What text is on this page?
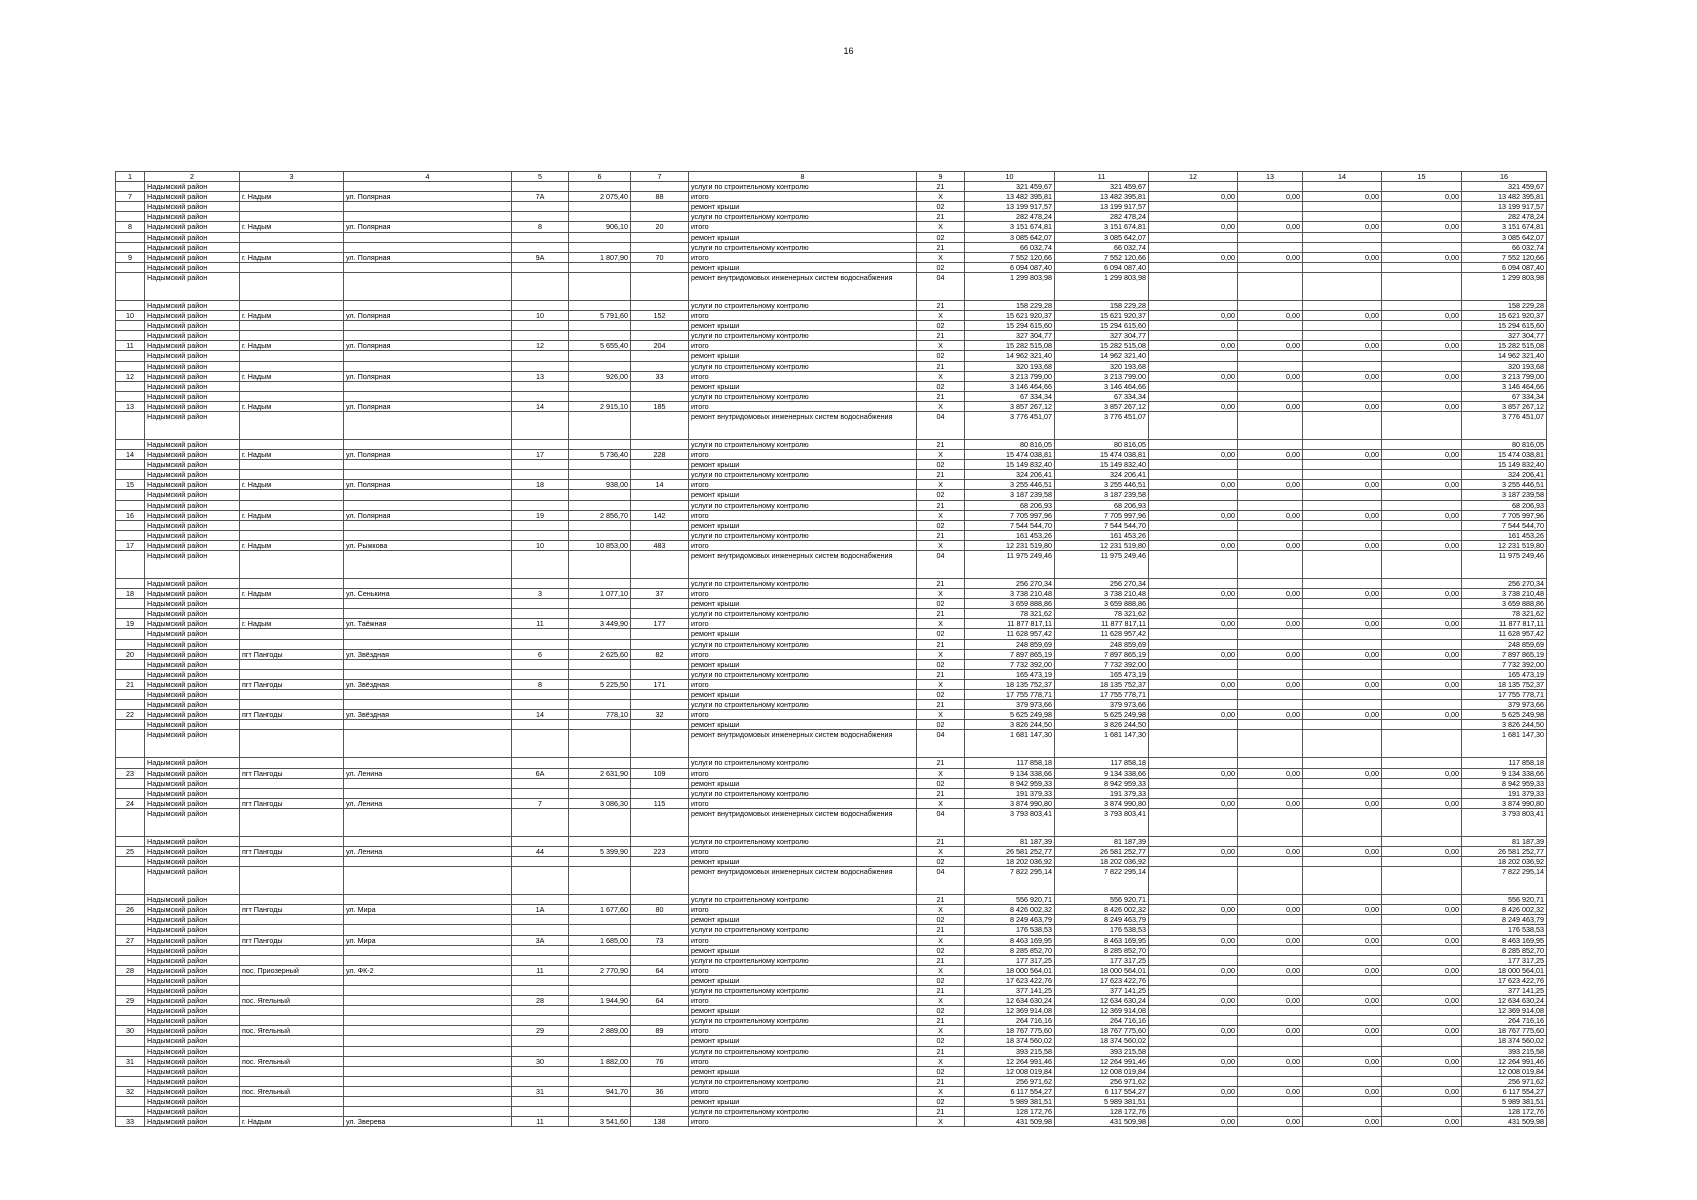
16
1	2	3	4	5	6	7	8	9	10	11	12	13	14	15	16
	Надымский район						услуги по строительному контролю	21	321 459,67	321 459,67					321 459,67
7	Надымский район	г. Надым	ул. Полярная	7А	2 075,40	88	итого	Х	13 482 395,81	13 482 395,81	0,00	0,00	0,00	0,00	13 482 395,81
	Надымский район						ремонт крыши	02	13 199 917,57	13 199 917,57					13 199 917,57
	Надымский район						услуги по строительному контролю	21	282 478,24	282 478,24					282 478,24
8	Надымский район	г. Надым	ул. Полярная	8	906,10	20	итого	Х	3 151 674,81	3 151 674,81	0,00	0,00	0,00	0,00	3 151 674,81
	Надымский район						ремонт крыши	02	3 085 642,07	3 085 642,07					3 085 642,07
	Надымский район						услуги по строительному контролю	21	66 032,74	66 032,74					66 032,74
9	Надымский район	г. Надым	ул. Полярная	9А	1 807,90	70	итого	Х	7 552 120,66	7 552 120,66	0,00	0,00	0,00	0,00	7 552 120,66
	Надымский район						ремонт крыши	02	6 094 087,40	6 094 087,40					6 094 087,40
	Надымский район						ремонт внутридомовых инженерных систем водоснабжения	04	1 299 803,98	1 299 803,98					1 299 803,98
	Надымский район						услуги по строительному контролю	21	158 229,28	158 229,28					158 229,28
10	Надымский район	г. Надым	ул. Полярная	10	5 791,60	152	итого	Х	15 621 920,37	15 621 920,37	0,00	0,00	0,00	0,00	15 621 920,37
	Надымский район						ремонт крыши	02	15 294 615,60	15 294 615,60					15 294 615,60
	Надымский район						услуги по строительному контролю	21	327 304,77	327 304,77					327 304,77
11	Надымский район	г. Надым	ул. Полярная	12	5 655,40	204	итого	Х	15 282 515,08	15 282 515,08	0,00	0,00	0,00	0,00	15 282 515,08
	Надымский район						ремонт крыши	02	14 962 321,40	14 962 321,40					14 962 321,40
	Надымский район						услуги по строительному контролю	21	320 193,68	320 193,68					320 193,68
12	Надымский район	г. Надым	ул. Полярная	13	926,00	33	итого	Х	3 213 799,00	3 213 799,00	0,00	0,00	0,00	0,00	3 213 799,00
	Надымский район						ремонт крыши	02	3 146 464,66	3 146 464,66					3 146 464,66
	Надымский район						услуги по строительному контролю	21	67 334,34	67 334,34					67 334,34
13	Надымский район	г. Надым	ул. Полярная	14	2 915,10	185	итого	Х	3 857 267,12	3 857 267,12	0,00	0,00	0,00	0,00	3 857 267,12
	Надымский район						ремонт внутридомовых инженерных систем водоснабжения	04	3 776 451,07	3 776 451,07					3 776 451,07
	Надымский район						услуги по строительному контролю	21	80 816,05	80 816,05					80 816,05
14	Надымский район	г. Надым	ул. Полярная	17	5 736,40	228	итого	Х	15 474 038,81	15 474 038,81	0,00	0,00	0,00	0,00	15 474 038,81
	Надымский район						ремонт крыши	02	15 149 832,40	15 149 832,40					15 149 832,40
	Надымский район						услуги по строительному контролю	21	324 206,41	324 206,41					324 206,41
15	Надымский район	г. Надым	ул. Полярная	18	938,00	14	итого	Х	3 255 446,51	3 255 446,51	0,00	0,00	0,00	0,00	3 255 446,51
	Надымский район						ремонт крыши	02	3 187 239,58	3 187 239,58					3 187 239,58
	Надымский район						услуги по строительному контролю	21	68 206,93	68 206,93					68 206,93
16	Надымский район	г. Надым	ул. Полярная	19	2 856,70	142	итого	Х	7 705 997,96	7 705 997,96	0,00	0,00	0,00	0,00	7 705 997,96
	Надымский район						ремонт крыши	02	7 544 544,70	7 544 544,70					7 544 544,70
	Надымский район						услуги по строительному контролю	21	161 453,26	161 453,26					161 453,26
17	Надымский район	г. Надым	ул. Рыжкова	10	10 853,00	483	итого	Х	12 231 519,80	12 231 519,80	0,00	0,00	0,00	0,00	12 231 519,80
	Надымский район						ремонт внутридомовых инженерных систем водоснабжения	04	11 975 249,46	11 975 249,46					11 975 249,46
	Надымский район						услуги по строительному контролю	21	256 270,34	256 270,34					256 270,34
18	Надымский район	г. Надым	ул. Сенькина	3	1 077,10	37	итого	Х	3 738 210,48	3 738 210,48	0,00	0,00	0,00	0,00	3 738 210,48
	Надымский район						ремонт крыши	02	3 659 888,86	3 659 888,86					3 659 888,86
	Надымский район						услуги по строительному контролю	21	78 321,62	78 321,62					78 321,62
19	Надымский район	г. Надым	ул. Таёжная	11	3 449,90	177	итого	Х	11 877 817,11	11 877 817,11	0,00	0,00	0,00	0,00	11 877 817,11
	Надымский район						ремонт крыши	02	11 628 957,42	11 628 957,42					11 628 957,42
	Надымский район						услуги по строительному контролю	21	248 859,69	248 859,69					248 859,69
20	Надымский район	пгт Пангоды	ул. Звёздная	6	2 625,60	82	итого	Х	7 897 865,19	7 897 865,19	0,00	0,00	0,00	0,00	7 897 865,19
	Надымский район						ремонт крыши	02	7 732 392,00	7 732 392,00					7 732 392,00
	Надымский район						услуги по строительному контролю	21	165 473,19	165 473,19					165 473,19
21	Надымский район	пгт Пангоды	ул. Звёздная	8	5 225,50	171	итого	Х	18 135 752,37	18 135 752,37	0,00	0,00	0,00	0,00	18 135 752,37
	Надымский район						ремонт крыши	02	17 755 778,71	17 755 778,71					17 755 778,71
	Надымский район						услуги по строительному контролю	21	379 973,66	379 973,66					379 973,66
22	Надымский район	пгт Пангоды	ул. Звёздная	14	778,10	32	итого	Х	5 625 249,98	5 625 249,98	0,00	0,00	0,00	0,00	5 625 249,98
	Надымский район						ремонт крыши	02	3 826 244,50	3 826 244,50					3 826 244,50
	Надымский район						ремонт внутридомовых инженерных систем водоснабжения	04	1 681 147,30	1 681 147,30					1 681 147,30
	Надымский район						услуги по строительному контролю	21	117 858,18	117 858,18					117 858,18
23	Надымский район	пгт Пангоды	ул. Ленина	6А	2 631,90	109	итого	Х	9 134 338,66	9 134 338,66	0,00	0,00	0,00	0,00	9 134 338,66
	Надымский район						ремонт крыши	02	8 942 959,33	8 942 959,33					8 942 959,33
	Надымский район						услуги по строительному контролю	21	191 379,33	191 379,33					191 379,33
24	Надымский район	пгт Пангоды	ул. Ленина	7	3 086,30	115	итого	Х	3 874 990,80	3 874 990,80	0,00	0,00	0,00	0,00	3 874 990,80
	Надымский район						ремонт внутридомовых инженерных систем водоснабжения	04	3 793 803,41	3 793 803,41					3 793 803,41
	Надымский район						услуги по строительному контролю	21	81 187,39	81 187,39					81 187,39
25	Надымский район	пгт Пангоды	ул. Ленина	44	5 399,90	223	итого	Х	26 581 252,77	26 581 252,77	0,00	0,00	0,00	0,00	26 581 252,77
	Надымский район						ремонт крыши	02	18 202 036,92	18 202 036,92					18 202 036,92
	Надымский район						ремонт внутридомовых инженерных систем водоснабжения	04	7 822 295,14	7 822 295,14					7 822 295,14
	Надымский район						услуги по строительному контролю	21	556 920,71	556 920,71					556 920,71
26	Надымский район	пгт Пангоды	ул. Мира	1А	1 677,60	80	итого	Х	8 426 002,32	8 426 002,32	0,00	0,00	0,00	0,00	8 426 002,32
	Надымский район						ремонт крыши	02	8 249 463,79	8 249 463,79					8 249 463,79
	Надымский район						услуги по строительному контролю	21	176 538,53	176 538,53					176 538,53
27	Надымский район	пгт Пангоды	ул. Мира	3А	1 685,00	73	итого	Х	8 463 169,95	8 463 169,95	0,00	0,00	0,00	0,00	8 463 169,95
	Надымский район						ремонт крыши	02	8 285 852,70	8 285 852,70					8 285 852,70
	Надымский район						услуги по строительному контролю	21	177 317,25	177 317,25					177 317,25
28	Надымский район	пос. Приозерный	ул. ФК-2	11	2 770,90	64	итого	Х	18 000 564,01	18 000 564,01	0,00	0,00	0,00	0,00	18 000 564,01
	Надымский район						ремонт крыши	02	17 623 422,76	17 623 422,76					17 623 422,76
	Надымский район						услуги по строительному контролю	21	377 141,25	377 141,25					377 141,25
29	Надымский район	пос. Ягельный		28	1 944,90	64	итого	Х	12 634 630,24	12 634 630,24	0,00	0,00	0,00	0,00	12 634 630,24
	Надымский район						ремонт крыши	02	12 369 914,08	12 369 914,08					12 369 914,08
	Надымский район						услуги по строительному контролю	21	264 716,16	264 716,16					264 716,16
30	Надымский район	пос. Ягельный		29	2 889,00	89	итого	Х	18 767 775,60	18 767 775,60	0,00	0,00	0,00	0,00	18 767 775,60
	Надымский район						ремонт крыши	02	18 374 560,02	18 374 560,02					18 374 560,02
	Надымский район						услуги по строительному контролю	21	393 215,58	393 215,58					393 215,58
31	Надымский район	пос. Ягельный		30	1 882,00	76	итого	Х	12 264 991,46	12 264 991,46	0,00	0,00	0,00	0,00	12 264 991,46
	Надымский район						ремонт крыши	02	12 008 019,84	12 008 019,84					12 008 019,84
	Надымский район						услуги по строительному контролю	21	256 971,62	256 971,62					256 971,62
32	Надымский район	пос. Ягельный		31	941,70	36	итого	Х	6 117 554,27	6 117 554,27	0,00	0,00	0,00	0,00	6 117 554,27
	Надымский район						ремонт крыши	02	5 989 381,51	5 989 381,51					5 989 381,51
	Надымский район						услуги по строительному контролю	21	128 172,76	128 172,76					128 172,76
33	Надымский район	г. Надым	ул. Зверева	11	3 541,60	138	итого	Х	431 509,98	431 509,98	0,00	0,00	0,00	0,00	431 509,98
